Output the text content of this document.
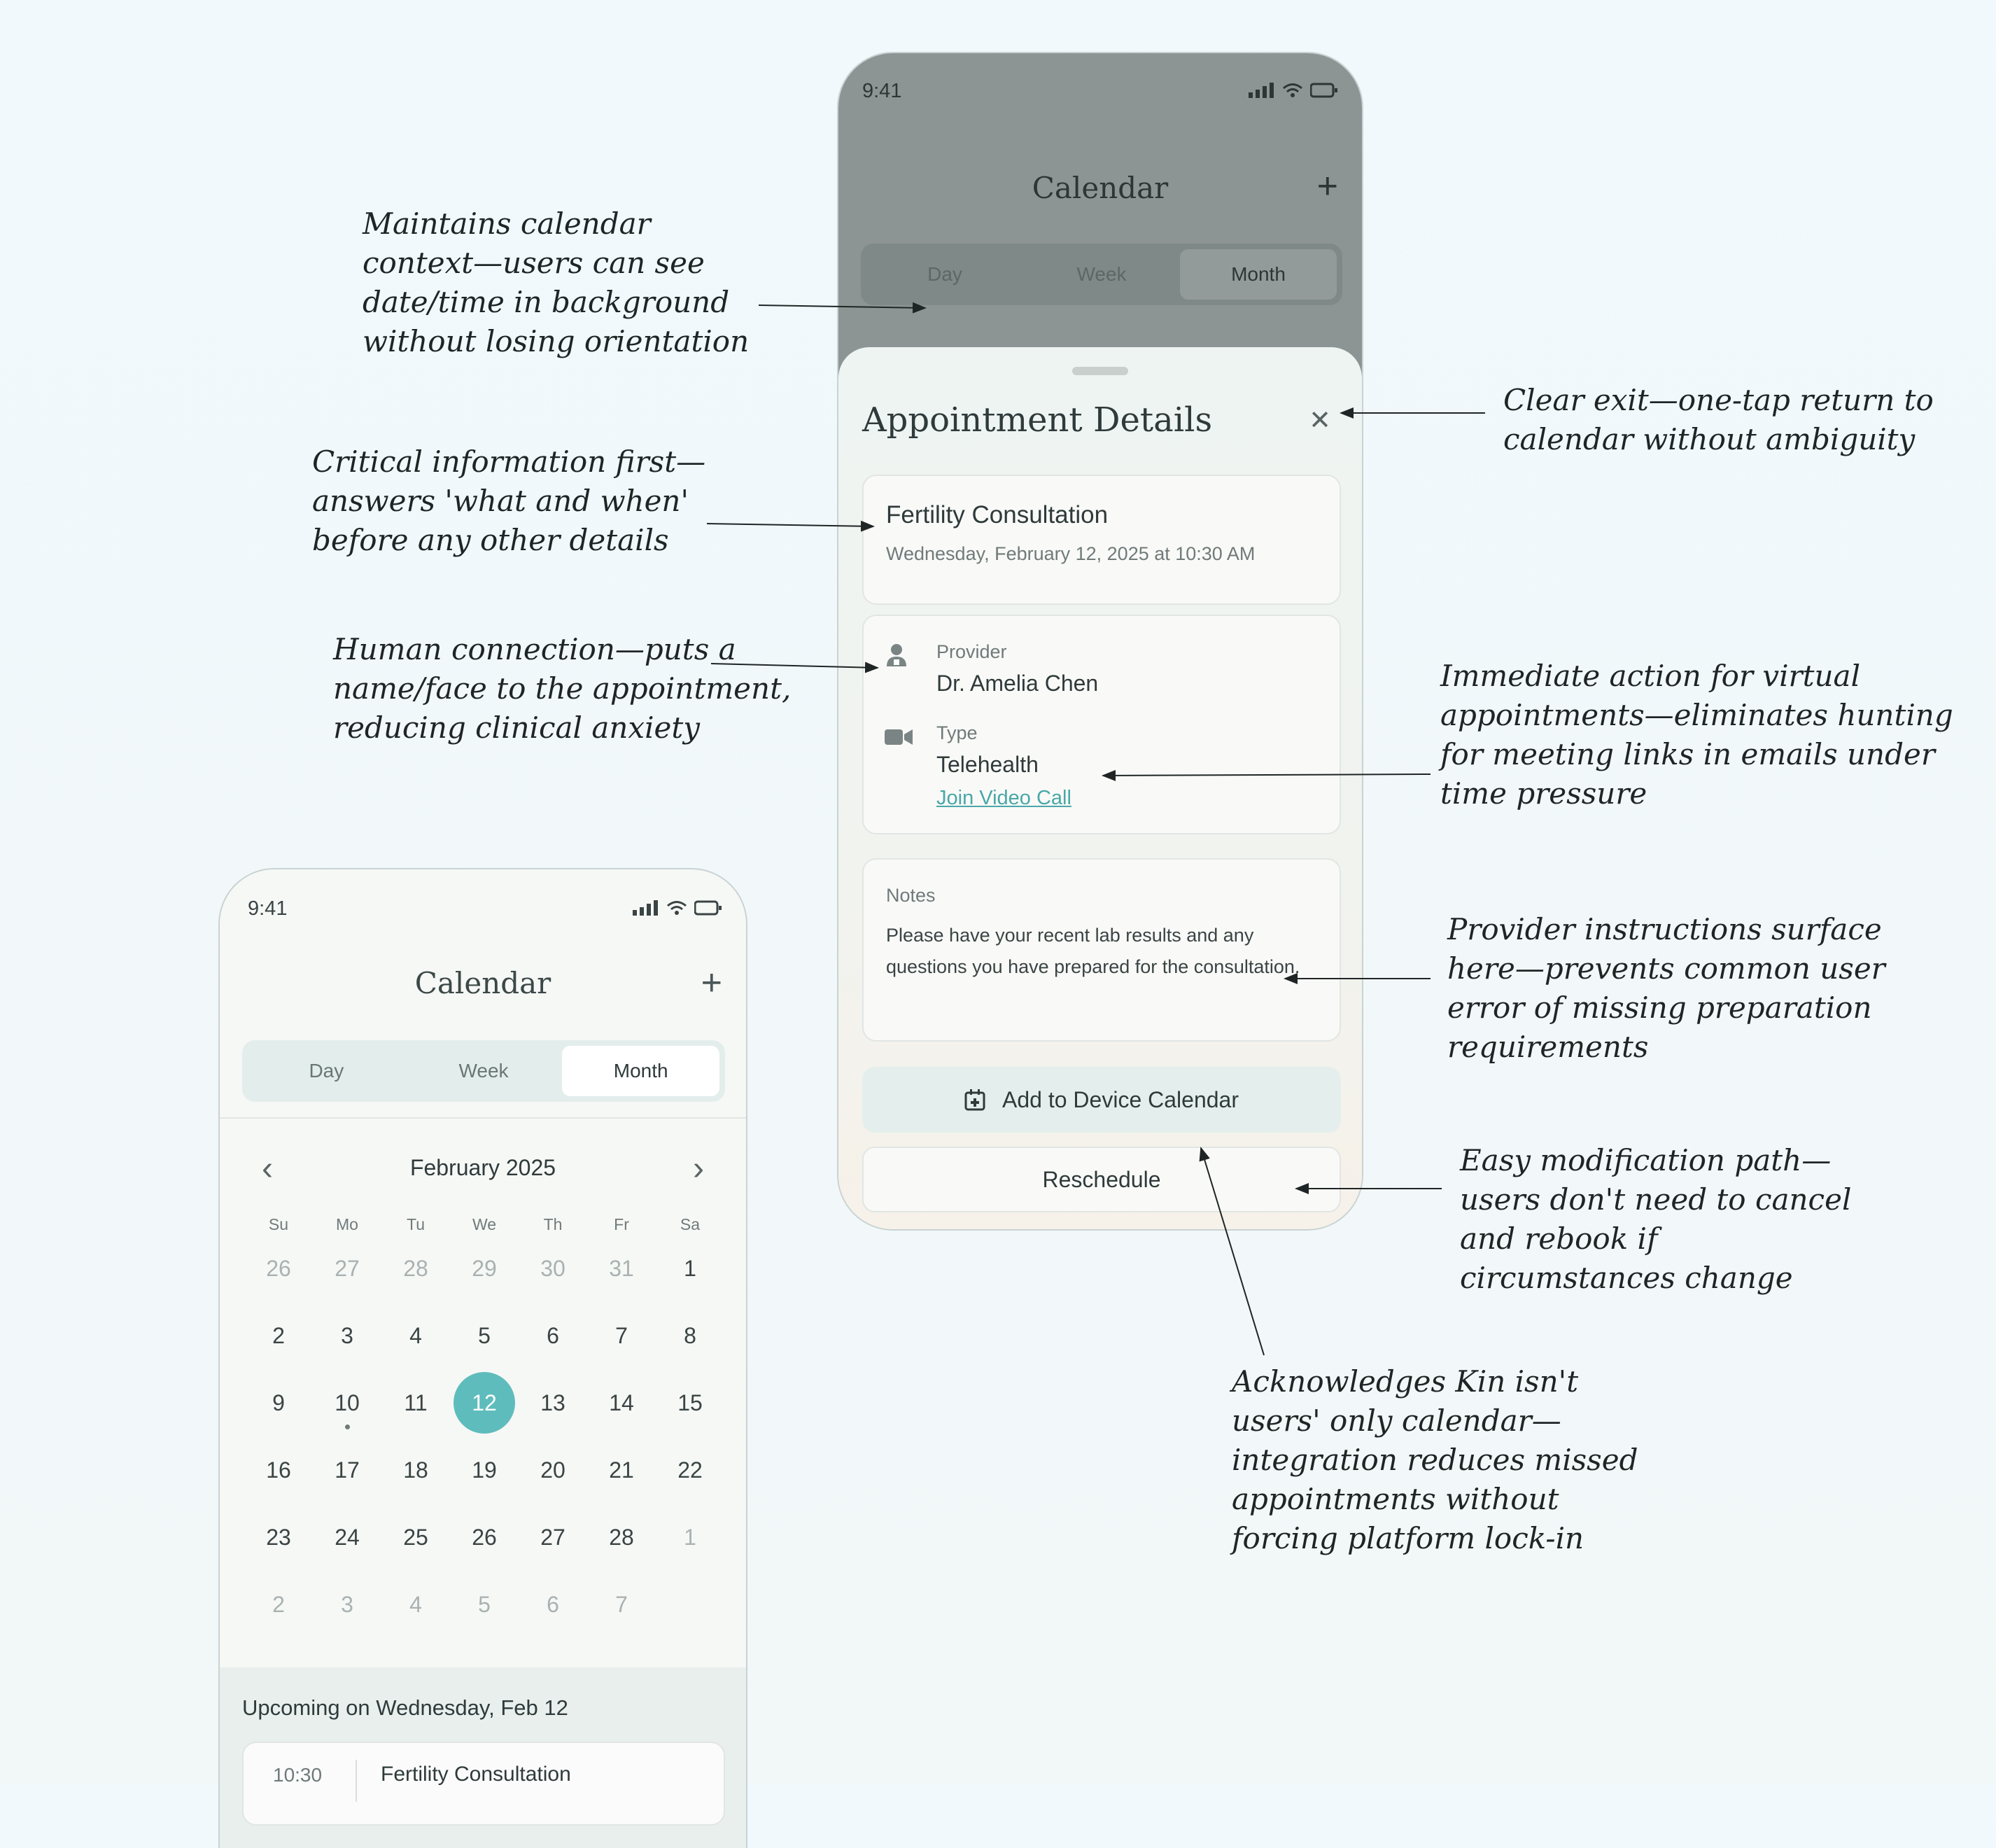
9:41
Calendar	+
Day	Week	Month
Appointment Details	✕
Fertility Consultation
Wednesday, February 12, 2025 at 10:30 AM
Provider
Dr. Amelia Chen
Type
Telehealth
Join Video Call
Notes
Please have your recent lab results and any questions you have prepared for the consultation.
Add to Device Calendar
Reschedule
9:41
Calendar	+
Day	Week	Month
‹	February 2025	›
Su	Mo	Tu	We	Th	Fr	Sa
26	27	28	29	30	31	1
2	3	4	5	6	7	8
9	10	11	12	13	14	15
16	17	18	19	20	21	22
23	24	25	26	27	28	1
2	3	4	5	6	7
Upcoming on Wednesday, Feb 12
10:30	Fertility Consultation

Maintains calendar context—users can see date/time in background without losing orientation

Critical information first—answers 'what and when' before any other details

Human connection—puts a name/face to the appointment, reducing clinical anxiety

Clear exit—one-tap return to calendar without ambiguity

Immediate action for virtual appointments—eliminates hunting for meeting links in emails under time pressure

Provider instructions surface here—prevents common user error of missing preparation requirements

Easy modification path—users don't need to cancel and rebook if circumstances change

Acknowledges Kin isn't users' only calendar—integration reduces missed appointments without forcing platform lock-in
